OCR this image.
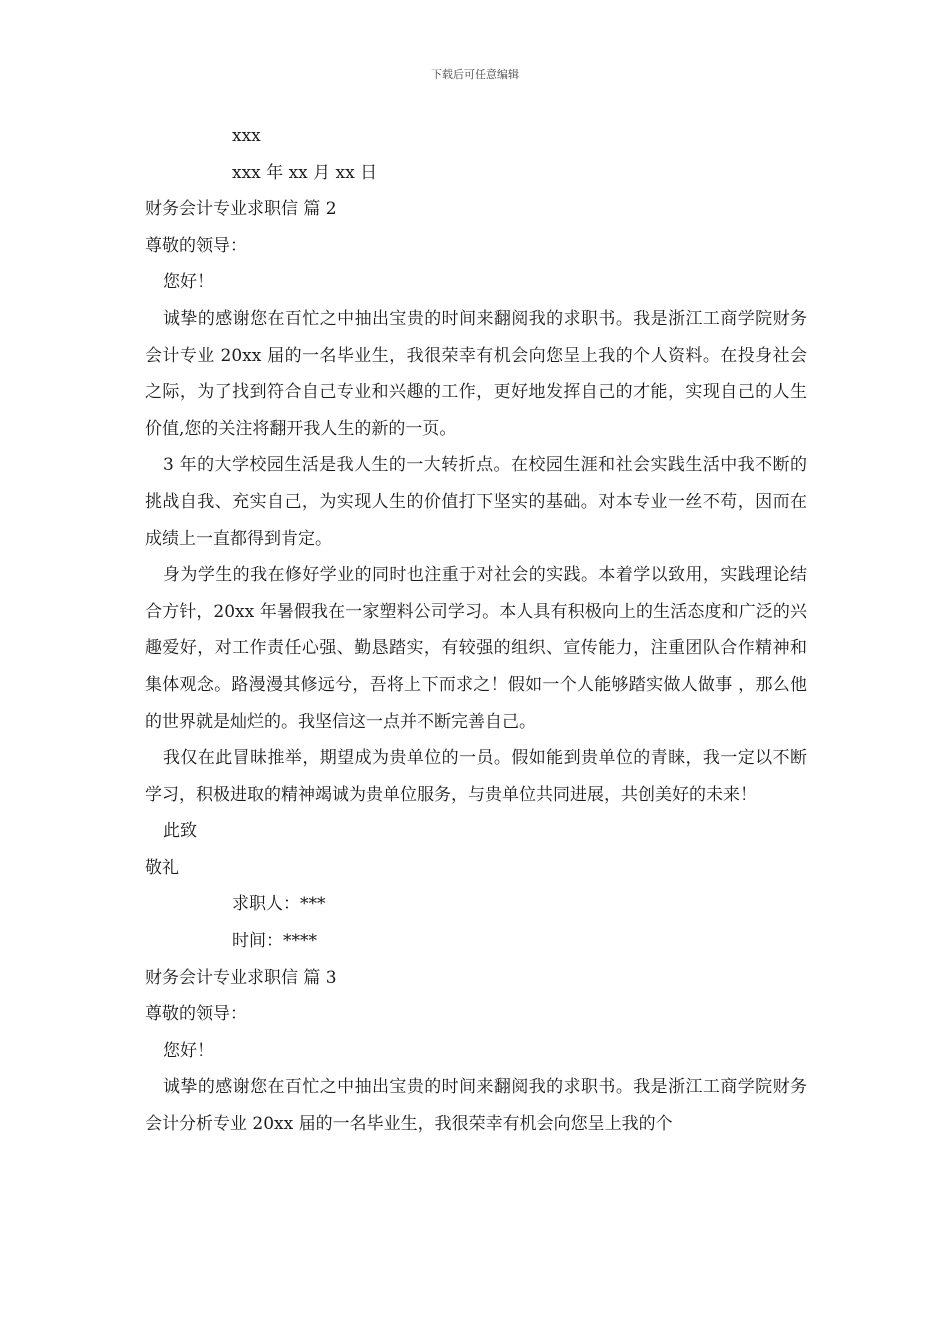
下载后可任意编辑
xxx
xxx 年 xx 月 xx 日
财务会计专业求职信 篇 2
尊敬的领导：
您好！
诚挚的感谢您在百忙之中抽出宝贵的时间来翻阅我的求职书。我是浙江工商学院财务会计专业 20xx 届的一名毕业生，我很荣幸有机会向您呈上我的个人资料。在投身社会之际，为了找到符合自己专业和兴趣的工作，更好地发挥自己的才能，实现自己的人生价值,您的关注将翻开我人生的新的一页。
3 年的大学校园生活是我人生的一大转折点。在校园生涯和社会实践生活中我不断的挑战自我、充实自己，为实现人生的价值打下坚实的基础。对本专业一丝不苟，因而在成绩上一直都得到肯定。
身为学生的我在修好学业的同时也注重于对社会的实践。本着学以致用，实践理论结合方针，20xx 年暑假我在一家塑料公司学习。本人具有积极向上的生活态度和广泛的兴趣爱好，对工作责任心强、勤恳踏实，有较强的组织、宣传能力，注重团队合作精神和集体观念。路漫漫其修远兮，吾将上下而求之！假如一个人能够踏实做人做事 ，那么他的世界就是灿烂的。我坚信这一点并不断完善自己。
我仅在此冒昧推举，期望成为贵单位的一员。假如能到贵单位的青睐，我一定以不断学习，积极进取的精神竭诚为贵单位服务，与贵单位共同进展，共创美好的未来！
此致
敬礼
求职人：***
时间：****
财务会计专业求职信 篇 3
尊敬的领导：
您好！
诚挚的感谢您在百忙之中抽出宝贵的时间来翻阅我的求职书。我是浙江工商学院财务会计分析专业 20xx 届的一名毕业生，我很荣幸有机会向您呈上我的个
